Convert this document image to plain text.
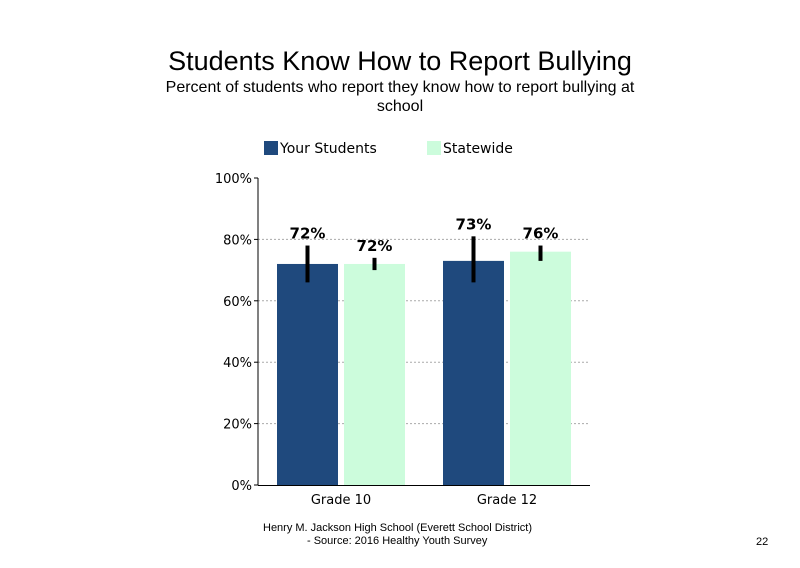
Students Know How to Report Bullying
Percent of students who report they know how to report bullying at school
Your Students	Statewide
0%
20%
40%
60%
80%
100%
72%
72%
Grade 10
73%
76%
Grade 12
Henry M. Jackson High School (Everett School District)
- Source: 2016 Healthy Youth Survey	22
